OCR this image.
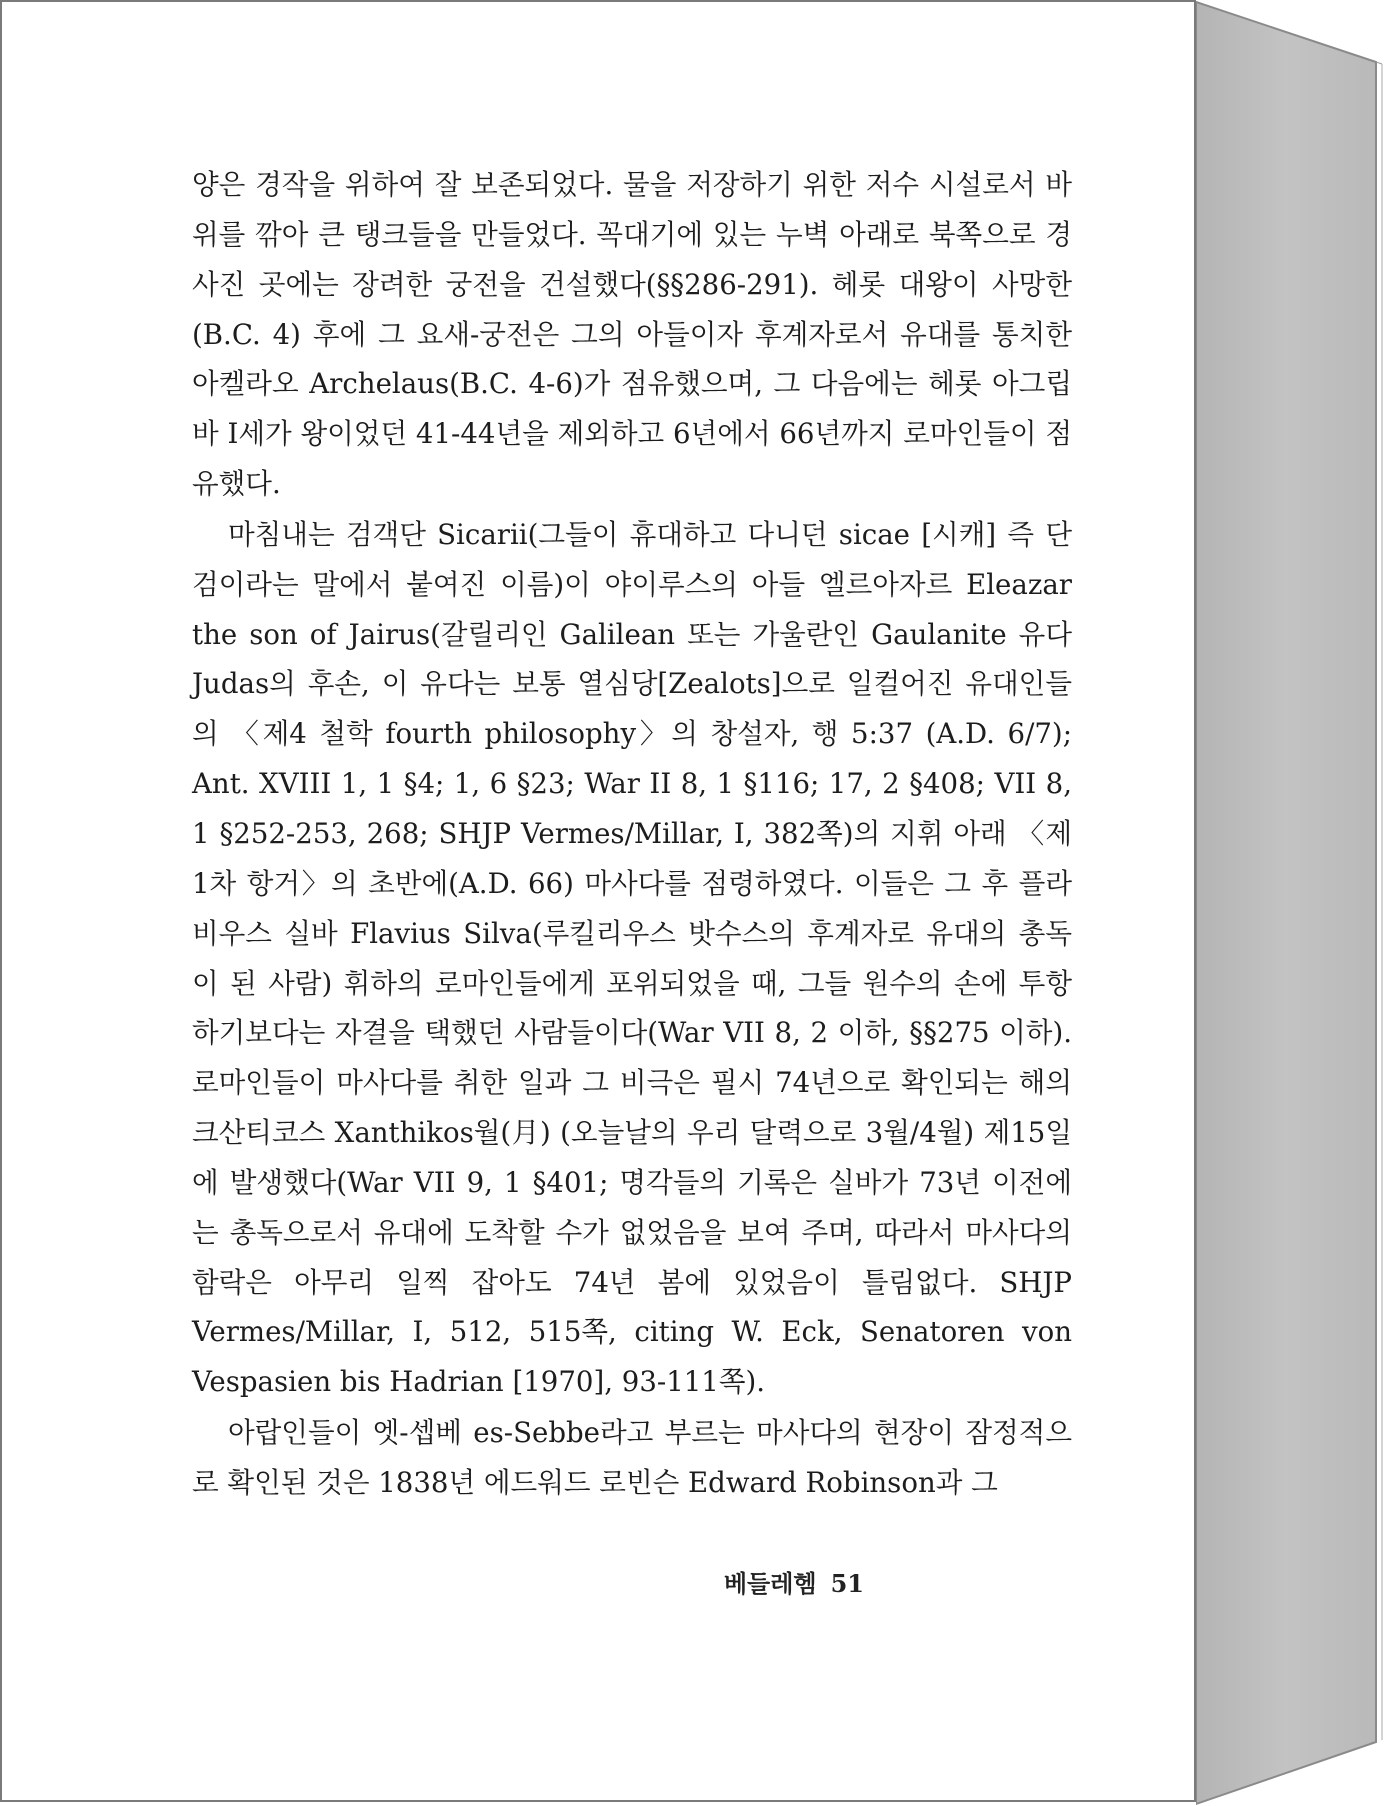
양은 경작을 위하여 잘 보존되었다. 물을 저장하기 위한 저수 시설로서 바위를 깎아 큰 탱크들을 만들었다. 꼭대기에 있는 누벽 아래로 북쪽으로 경사진 곳에는 장려한 궁전을 건설했다(§§286-291). 헤롯 대왕이 사망한(B.C. 4) 후에 그 요새-궁전은 그의 아들이자 후계자로서 유대를 통치한 아켈라오 Archelaus(B.C. 4-6)가 점유했으며, 그 다음에는 헤롯 아그립바 I세가 왕이었던 41-44년을 제외하고 6년에서 66년까지 로마인들이 점유했다.

마침내는 검객단 Sicarii(그들이 휴대하고 다니던 sicae [시캐] 즉 단검이라는 말에서 붙여진 이름)이 야이루스의 아들 엘르아자르 Eleazar the son of Jairus(갈릴리인 Galilean 또는 가울란인 Gaulanite 유다 Judas의 후손, 이 유다는 보통 열심당[Zealots]으로 일컬어진 유대인들의 〈제4 철학 fourth philosophy〉의 창설자, 행 5:37 (A.D. 6/7); Ant. XVIII 1, 1 §4; 1, 6 §23; War II 8, 1 §116; 17, 2 §408; VII 8, 1 §252-253, 268; SHJP Vermes/Millar, I, 382쪽)의 지휘 아래 〈제1차 항거〉의 초반에(A.D. 66) 마사다를 점령하였다. 이들은 그 후 플라비우스 실바 Flavius Silva(루킬리우스 밧수스의 후계자로 유대의 총독이 된 사람) 휘하의 로마인들에게 포위되었을 때, 그들 원수의 손에 투항하기보다는 자결을 택했던 사람들이다(War VII 8, 2 이하, §§275 이하). 로마인들이 마사다를 취한 일과 그 비극은 필시 74년으로 확인되는 해의 크산티코스 Xanthikos월(月) (오늘날의 우리 달력으로 3월/4월) 제15일에 발생했다(War VII 9, 1 §401; 명각들의 기록은 실바가 73년 이전에는 총독으로서 유대에 도착할 수가 없었음을 보여 주며, 따라서 마사다의 함락은 아무리 일찍 잡아도 74년 봄에 있었음이 틀림없다. SHJP Vermes/Millar, I, 512, 515쪽, citing W. Eck, Senatoren von Vespasien bis Hadrian [1970], 93-111쪽).

아랍인들이 엣-셉베 es-Sebbe라고 부르는 마사다의 현장이 잠정적으로 확인된 것은 1838년 에드워드 로빈슨 Edward Robinson과 그

베들레헴 51
